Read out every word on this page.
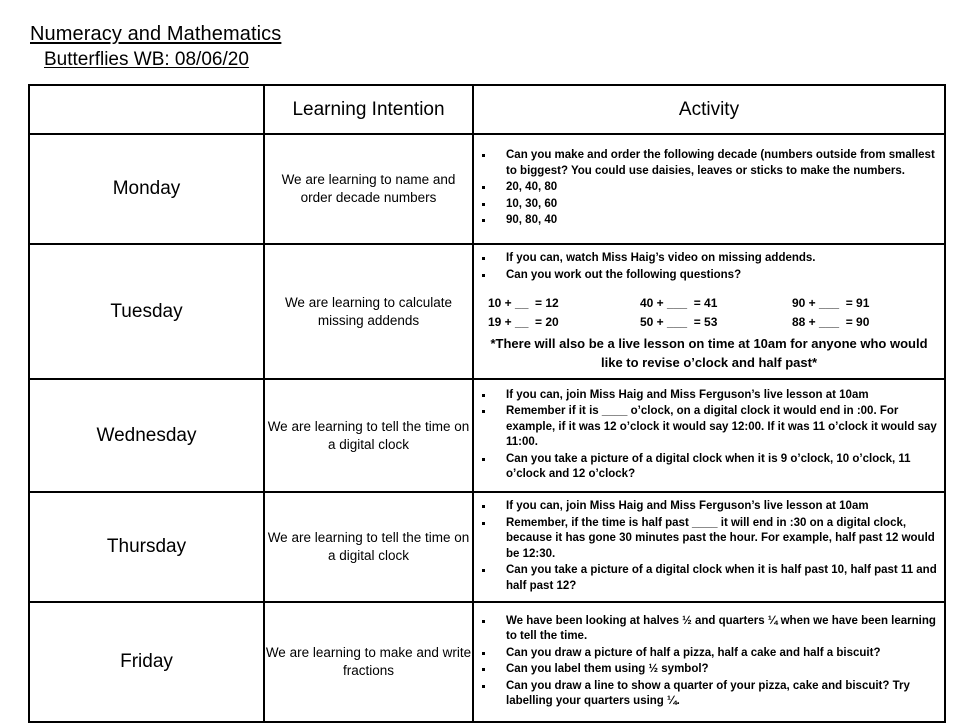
Numeracy and Mathematics
Butterflies WB: 08/06/20
	Learning Intention	Activity
Monday	We are learning to name and order decade numbers	
Can you make and order the following decade (numbers outside from smallest to biggest? You could use daisies, leaves or sticks to make the numbers.
20, 40, 80
10, 30, 60
90, 80, 40

Tuesday	We are learning to calculate missing addends	
If you can, watch Miss Haig’s video on missing addends.
Can you work out the following questions?
10 + __  = 12	40 + ___  = 41	90 + ___  = 91
19 + __  = 20	50 + ___  = 53	88 + ___  = 90
*There will also be a live lesson on time at 10am for anyone who would like to revise o’clock and half past*

Wednesday	We are learning to tell the time on a digital clock	
If you can, join Miss Haig and Miss Ferguson’s live lesson at 10am
Remember if it is ____ o’clock, on a digital clock it would end in :00. For example, if it was 12 o’clock it would say 12:00. If it was 11 o’clock it would say 11:00.
Can you take a picture of a digital clock when it is 9 o’clock, 10 o’clock, 11 o’clock and 12 o’clock?

Thursday	We are learning to tell the time on a digital clock	
If you can, join Miss Haig and Miss Ferguson’s live lesson at 10am
Remember, if the time is half past ____ it will end in :30 on a digital clock, because it has gone 30 minutes past the hour. For example, half past 12 would be 12:30.
Can you take a picture of a digital clock when it is half past 10, half past 11 and half past 12?

Friday	We are learning to make and write fractions	
We have been looking at halves ½ and quarters ¼ when we have been learning to tell the time.
Can you draw a picture of half a pizza, half a cake and half a biscuit?
Can you label them using ½ symbol?
Can you draw a line to show a quarter of your pizza, cake and biscuit? Try labelling your quarters using ¼.
